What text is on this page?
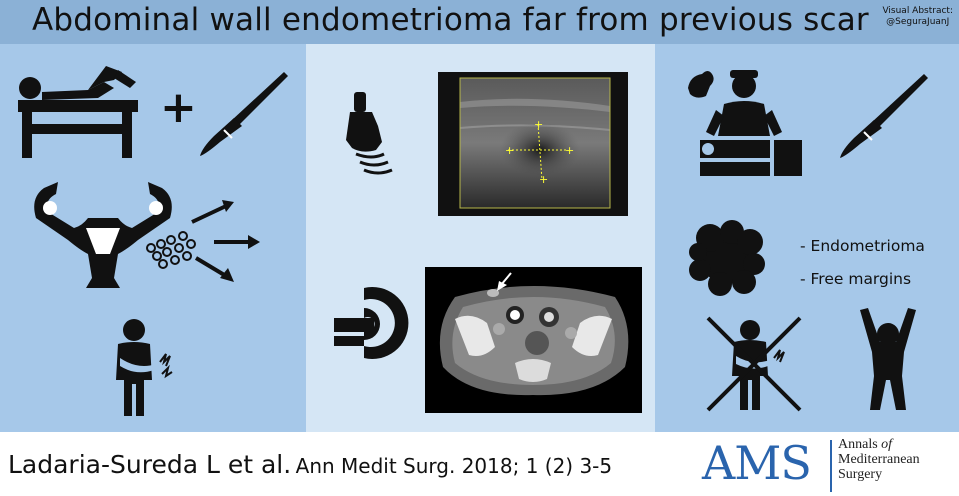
Abdominal wall endometrioma far from previous scar Visual Abstract:
@SeguraJuanJ
+
+	+
+
+
- Endometrioma
- Free margins
Ladaria-Sureda L et al. Ann Medit Surg. 2018; 1 (2) 3-5 AMS Annals of
Mediterranean
Surgery
